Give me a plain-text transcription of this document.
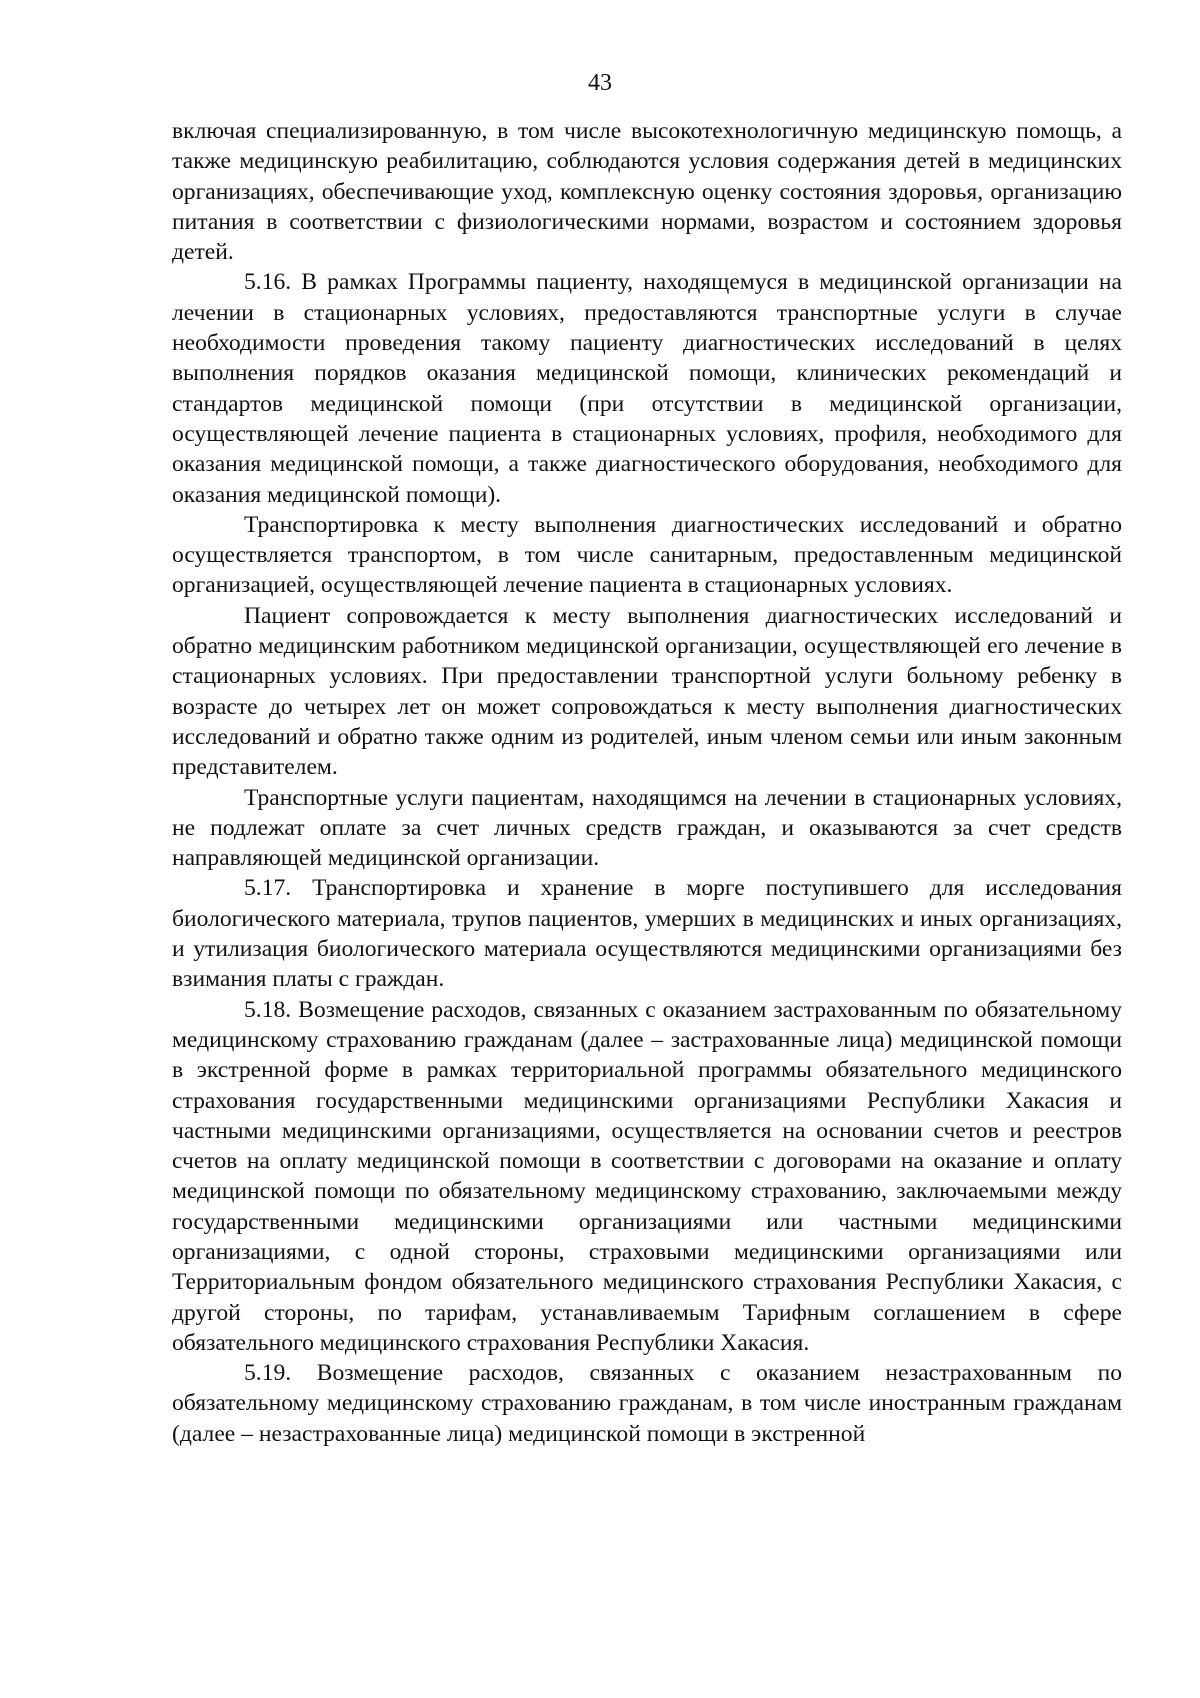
43

включая специализированную, в том числе высокотехнологичную медицинскую помощь, а также медицинскую реабилитацию, соблюдаются условия содержания детей в медицинских организациях, обеспечивающие уход, комплексную оценку состояния здоровья, организацию питания в соответствии с физиологическими нормами, возрастом и состоянием здоровья детей.

5.16. В рамках Программы пациенту, находящемуся в медицинской организации на лечении в стационарных условиях, предоставляются транспортные услуги в случае необходимости проведения такому пациенту диагностических исследований в целях выполнения порядков оказания медицинской помощи, клинических рекомендаций и стандартов медицинской помощи (при отсутствии в медицинской организации, осуществляющей лечение пациента в стационарных условиях, профиля, необходимого для оказания медицинской помощи, а также диагностического оборудования, необходимого для оказания медицинской помощи).

Транспортировка к месту выполнения диагностических исследований и обратно осуществляется транспортом, в том числе санитарным, предоставленным медицинской организацией, осуществляющей лечение пациента в стационарных условиях.

Пациент сопровождается к месту выполнения диагностических исследований и обратно медицинским работником медицинской организации, осуществляющей его лечение в стационарных условиях. При предоставлении транспортной услуги больному ребенку в возрасте до четырех лет он может сопровождаться к месту выполнения диагностических исследований и обратно также одним из родителей, иным членом семьи или иным законным представителем.

Транспортные услуги пациентам, находящимся на лечении в стационарных условиях, не подлежат оплате за счет личных средств граждан, и оказываются за счет средств направляющей медицинской организации.

5.17. Транспортировка и хранение в морге поступившего для исследования биологического материала, трупов пациентов, умерших в медицинских и иных организациях, и утилизация биологического материала осуществляются медицинскими организациями без взимания платы с граждан.

5.18. Возмещение расходов, связанных с оказанием застрахованным по обязательному медицинскому страхованию гражданам (далее – застрахованные лица) медицинской помощи в экстренной форме в рамках территориальной программы обязательного медицинского страхования государственными медицинскими организациями Республики Хакасия и частными медицинскими организациями, осуществляется на основании счетов и реестров счетов на оплату медицинской помощи в соответствии с договорами на оказание и оплату медицинской помощи по обязательному медицинскому страхованию, заключаемыми между государственными медицинскими организациями или частными медицинскими организациями, с одной стороны, страховыми медицинскими организациями или Территориальным фондом обязательного медицинского страхования Республики Хакасия, с другой стороны, по тарифам, устанавливаемым Тарифным соглашением в сфере обязательного медицинского страхования Республики Хакасия.

5.19. Возмещение расходов, связанных с оказанием незастрахованным по обязательному медицинскому страхованию гражданам, в том числе иностранным гражданам (далее – незастрахованные лица) медицинской помощи в экстренной
